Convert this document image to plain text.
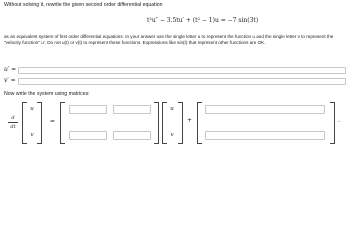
Without solving it, rewrite the given second order differential equation
t²u″ − 3.5tu′ + (t² − 1)u = −7 sin(3t)
as an equivalent system of first order differential equations. In your answer use the single letter u to represent the function u and the single letter v to represent the "velocity function" u′. Do not u(t) or v(t) to represent these functions. Expressions like sin(t) that represent other functions are OK.
u′ =
v′ =
Now write the system using matrices:
d
dt
u
v
=
u
v
+	.
